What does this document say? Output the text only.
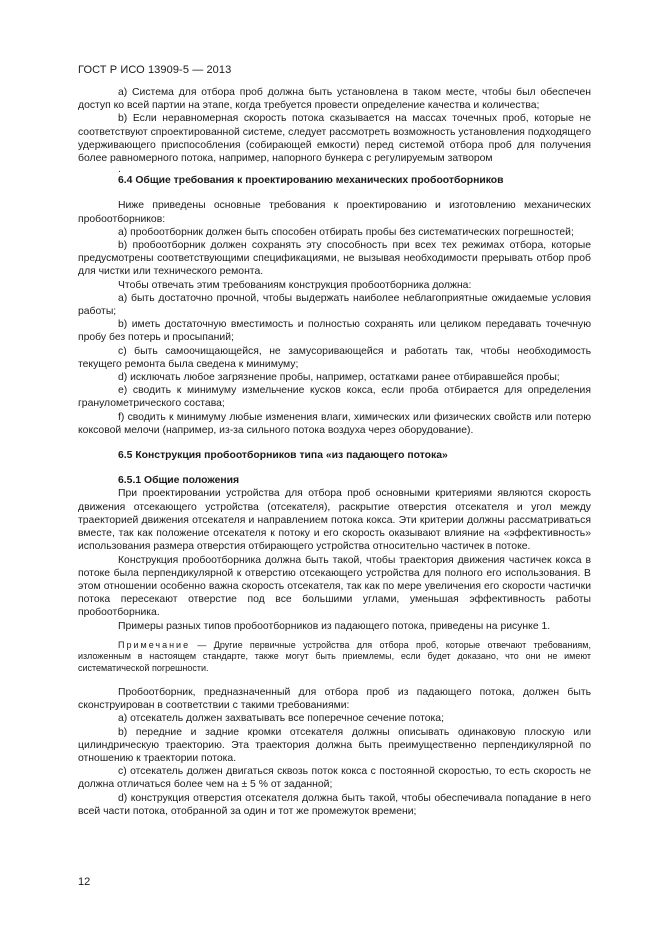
ГОСТ Р ИСО 13909-5 — 2013

a) Система для отбора проб должна быть установлена в таком месте, чтобы был обеспечен доступ ко всей партии на этапе, когда требуется провести определение качества и количества;

b) Если неравномерная скорость потока сказывается на массах точечных проб, которые не соответствуют спроектированной системе, следует рассмотреть возможность установления подходящего удерживающего приспособления (собирающей емкости) перед системой отбора проб для получения более равномерного потока, например, напорного бункера с регулируемым затвором

.

6.4 Общие требования к проектированию механических пробоотборников

Ниже приведены основные требования к проектированию и изготовлению механических пробоотборников:

a) пробоотборник должен быть способен отбирать пробы без систематических погрешностей;

b) пробоотборник должен сохранять эту способность при всех тех режимах отбора, которые предусмотрены соответствующими спецификациями, не вызывая необходимости прерывать отбор проб для чистки или технического ремонта.

Чтобы отвечать этим требованиям конструкция пробоотборника должна:

a) быть достаточно прочной, чтобы выдержать наиболее неблагоприятные ожидаемые условия работы;

b) иметь достаточную вместимость и полностью сохранять или целиком передавать точечную пробу без потерь и просыпаний;

c) быть самоочищающейся, не замусоривающейся и работать так, чтобы необходимость текущего ремонта была сведена к минимуму;

d) исключать любое загрязнение пробы, например, остатками ранее отбиравшейся пробы;

e) сводить к минимуму измельчение кусков кокса, если проба отбирается для определения гранулометрического состава;

f) сводить к минимуму любые изменения влаги, химических или физических свойств или потерю коксовой мелочи (например, из-за сильного потока воздуха через оборудование).

6.5 Конструкция пробоотборников типа «из падающего потока»

6.5.1 Общие положения

При проектировании устройства для отбора проб основными критериями являются скорость движения отсекающего устройства (отсекателя), раскрытие отверстия отсекателя и угол между траекторией движения отсекателя и направлением потока кокса. Эти критерии должны рассматриваться вместе, так как положение отсекателя к потоку и его скорость оказывают влияние на «эффективность» использования размера отверстия отбирающего устройства относительно частичек в потоке.

Конструкция пробоотборника должна быть такой, чтобы траектория движения частичек кокса в потоке была перпендикулярной к отверстию отсекающего устройства для полного его использования. В этом отношении особенно важна скорость отсекателя, так как по мере увеличения его скорости частички потока пересекают отверстие под все большими углами, уменьшая эффективность работы пробоотборника.

Примеры разных типов пробоотборников из падающего потока, приведены на рисунке 1.

Примечание — Другие первичные устройства для отбора проб, которые отвечают требованиям, изложенным в настоящем стандарте, также могут быть приемлемы, если будет доказано, что они не имеют систематической погрешности.

Пробоотборник, предназначенный для отбора проб из падающего потока, должен быть сконструирован в соответствии с такими требованиями:

a) отсекатель должен захватывать все поперечное сечение потока;

b) передние и задние кромки отсекателя должны описывать одинаковую плоскую или цилиндрическую траекторию. Эта траектория должна быть преимущественно перпендикулярной по отношению к траектории потока.

c) отсекатель должен двигаться сквозь поток кокса с постоянной скоростью, то есть скорость не должна отличаться более чем на ± 5 % от заданной;

d) конструкция отверстия отсекателя должна быть такой, чтобы обеспечивала попадание в него всей части потока, отобранной за один и тот же промежуток времени;

12
